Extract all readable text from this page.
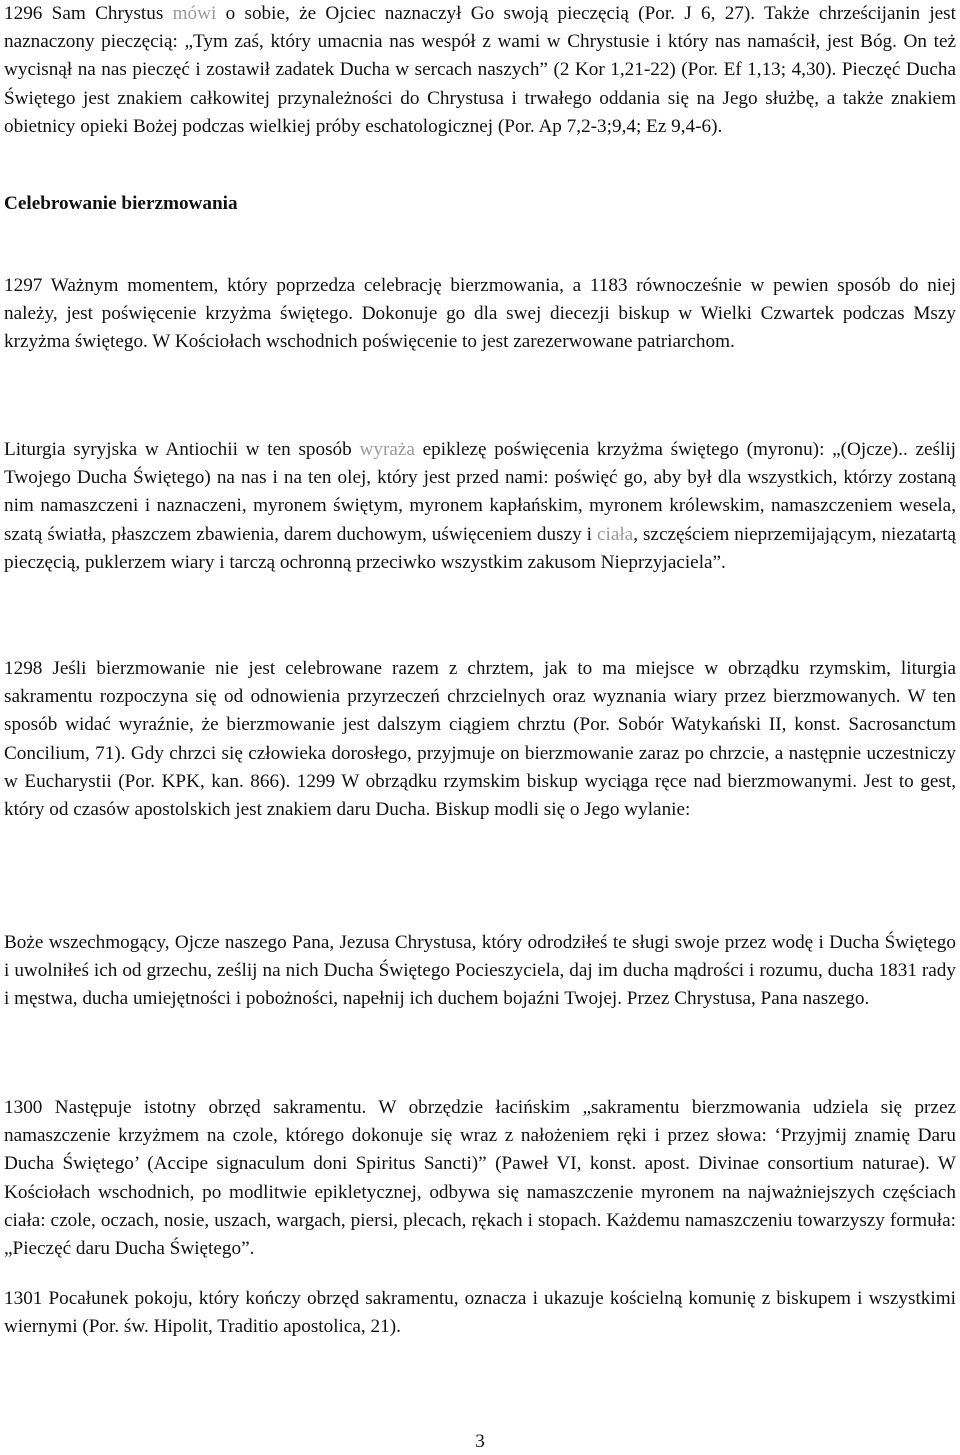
1296 Sam Chrystus mówi o sobie, że Ojciec naznaczył Go swoją pieczęcią (Por. J 6, 27). Także chrześcijanin jest naznaczony pieczęcią: „Tym zaś, który umacnia nas wespół z wami w Chrystusie i który nas namaścił, jest Bóg. On też wycisnął na nas pieczęć i zostawił zadatek Ducha w sercach naszych” (2 Kor 1,21-22) (Por. Ef 1,13; 4,30). Pieczęć Ducha Świętego jest znakiem całkowitej przynależności do Chrystusa i trwałego oddania się na Jego służbę, a także znakiem obietnicy opieki Bożej podczas wielkiej próby eschatologicznej (Por. Ap 7,2-3;9,4; Ez 9,4-6).

Celebrowanie bierzmowania

1297 Ważnym momentem, który poprzedza celebrację bierzmowania, a 1183 równocześnie w pewien sposób do niej należy, jest poświęcenie krzyżma świętego. Dokonuje go dla swej diecezji biskup w Wielki Czwartek podczas Mszy krzyżma świętego. W Kościołach wschodnich poświęcenie to jest zarezerwowane patriarchom.

Liturgia syryjska w Antiochii w ten sposób wyraża epiklezę poświęcenia krzyżma świętego (myronu): „(Ojcze).. ześlij Twojego Ducha Świętego) na nas i na ten olej, który jest przed nami: poświęć go, aby był dla wszystkich, którzy zostaną nim namaszczeni i naznaczeni, myronem świętym, myronem kapłańskim, myronem królewskim, namaszczeniem wesela, szatą światła, płaszczem zbawienia, darem duchowym, uświęceniem duszy i ciała, szczęściem nieprzemijającym, niezatartą pieczęcią, puklerzem wiary i tarczą ochronną przeciwko wszystkim zakusom Nieprzyjaciela”.

1298 Jeśli bierzmowanie nie jest celebrowane razem z chrztem, jak to ma miejsce w obrządku rzymskim, liturgia sakramentu rozpoczyna się od odnowienia przyrzeczeń chrzcielnych oraz wyznania wiary przez bierzmowanych. W ten sposób widać wyraźnie, że bierzmowanie jest dalszym ciągiem chrztu (Por. Sobór Watykański II, konst. Sacrosanctum Concilium, 71). Gdy chrzci się człowieka dorosłego, przyjmuje on bierzmowanie zaraz po chrzcie, a następnie uczestniczy w Eucharystii (Por. KPK, kan. 866). 1299 W obrządku rzymskim biskup wyciąga ręce nad bierzmowanymi. Jest to gest, który od czasów apostolskich jest znakiem daru Ducha. Biskup modli się o Jego wylanie:

Boże wszechmogący, Ojcze naszego Pana, Jezusa Chrystusa, który odrodziłeś te sługi swoje przez wodę i Ducha Świętego i uwolniłeś ich od grzechu, ześlij na nich Ducha Świętego Pocieszyciela, daj im ducha mądrości i rozumu, ducha 1831 rady i męstwa, ducha umiejętności i pobożności, napełnij ich duchem bojaźni Twojej. Przez Chrystusa, Pana naszego.

1300 Następuje istotny obrzęd sakramentu. W obrzędzie łacińskim „sakramentu bierzmowania udziela się przez namaszczenie krzyżmem na czole, którego dokonuje się wraz z nałożeniem ręki i przez słowa: ‘Przyjmij znamię Daru Ducha Świętego’ (Accipe signaculum doni Spiritus Sancti)” (Paweł VI, konst. apost. Divinae consortium naturae). W Kościołach wschodnich, po modlitwie epikletycznej, odbywa się namaszczenie myronem na najważniejszych częściach ciała: czole, oczach, nosie, uszach, wargach, piersi, plecach, rękach i stopach. Każdemu namaszczeniu towarzyszy formuła: „Pieczęć daru Ducha Świętego”.

1301 Pocałunek pokoju, który kończy obrzęd sakramentu, oznacza i ukazuje kościelną komunię z biskupem i wszystkimi wiernymi (Por. św. Hipolit, Traditio apostolica, 21).

3
